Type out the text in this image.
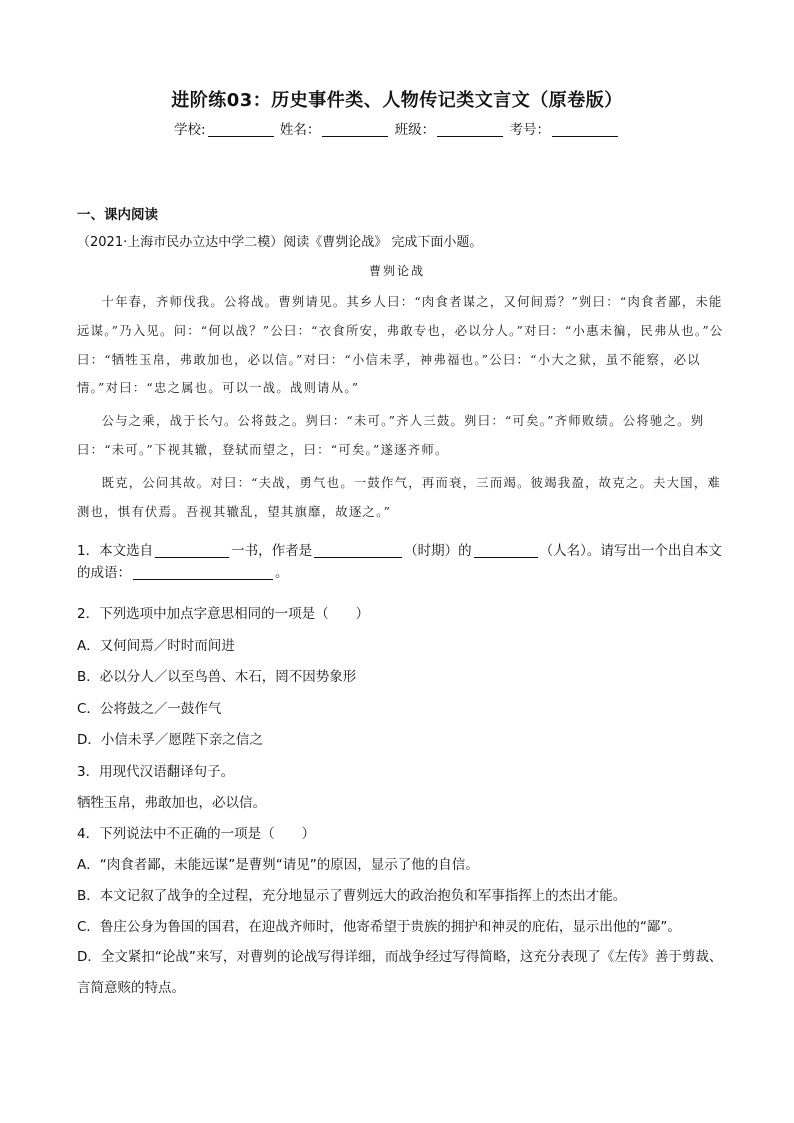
进阶练03：历史事件类、人物传记类文言文（原卷版）
学校:	姓名：	班级：	考号：
一、课内阅读
（2021·上海市民办立达中学二模）阅读《曹刿论战》 完成下面小题。
曹刿论战

十年春，齐师伐我。公将战。曹刿请见。其乡人曰：“肉食者谋之，又何间焉？”刿曰：“肉食者鄙，未能远谋。”乃入见。问：“何以战？”公曰：“衣食所安，弗敢专也，必以分人。”对曰：“小惠未徧，民弗从也。”公曰：“牺牲玉帛，弗敢加也，必以信。”对曰：“小信未孚，神弗福也。”公曰：“小大之狱，虽不能察，必以情。”对曰：“忠之属也。可以一战。战则请从。”

公与之乘，战于长勺。公将鼓之。刿曰：“未可。”齐人三鼓。刿曰：“可矣。”齐师败绩。公将驰之。刿曰：“未可。”下视其辙，登轼而望之，曰：“可矣。”遂逐齐师。

既克，公问其故。对曰：“夫战，勇气也。一鼓作气，再而衰，三而竭。彼竭我盈，故克之。夫大国，难测也，惧有伏焉。吾视其辙乱，望其旗靡，故逐之。”

1．本文选自	一书，作者是	（时期）的	（人名）。请写出一个出自本文的成语：	。
2．下列选项中加点字意思相同的一项是（　　）
A．又何间焉／时时而间进
B．必以分人／以至鸟兽、木石，罔不因势象形
C．公将鼓之／一鼓作气
D．小信未孚／愿陛下亲之信之
3．用现代汉语翻译句子。
牺牲玉帛，弗敢加也，必以信。
4．下列说法中不正确的一项是（　　）
A．“肉食者鄙，未能远谋”是曹刿“请见”的原因，显示了他的自信。
B．本文记叙了战争的全过程，充分地显示了曹刿远大的政治抱负和军事指挥上的杰出才能。
C．鲁庄公身为鲁国的国君，在迎战齐师时，他寄希望于贵族的拥护和神灵的庇佑，显示出他的“鄙”。
D．全文紧扣“论战”来写，对曹刿的论战写得详细，而战争经过写得简略，这充分表现了《左传》善于剪裁、言简意赅的特点。
